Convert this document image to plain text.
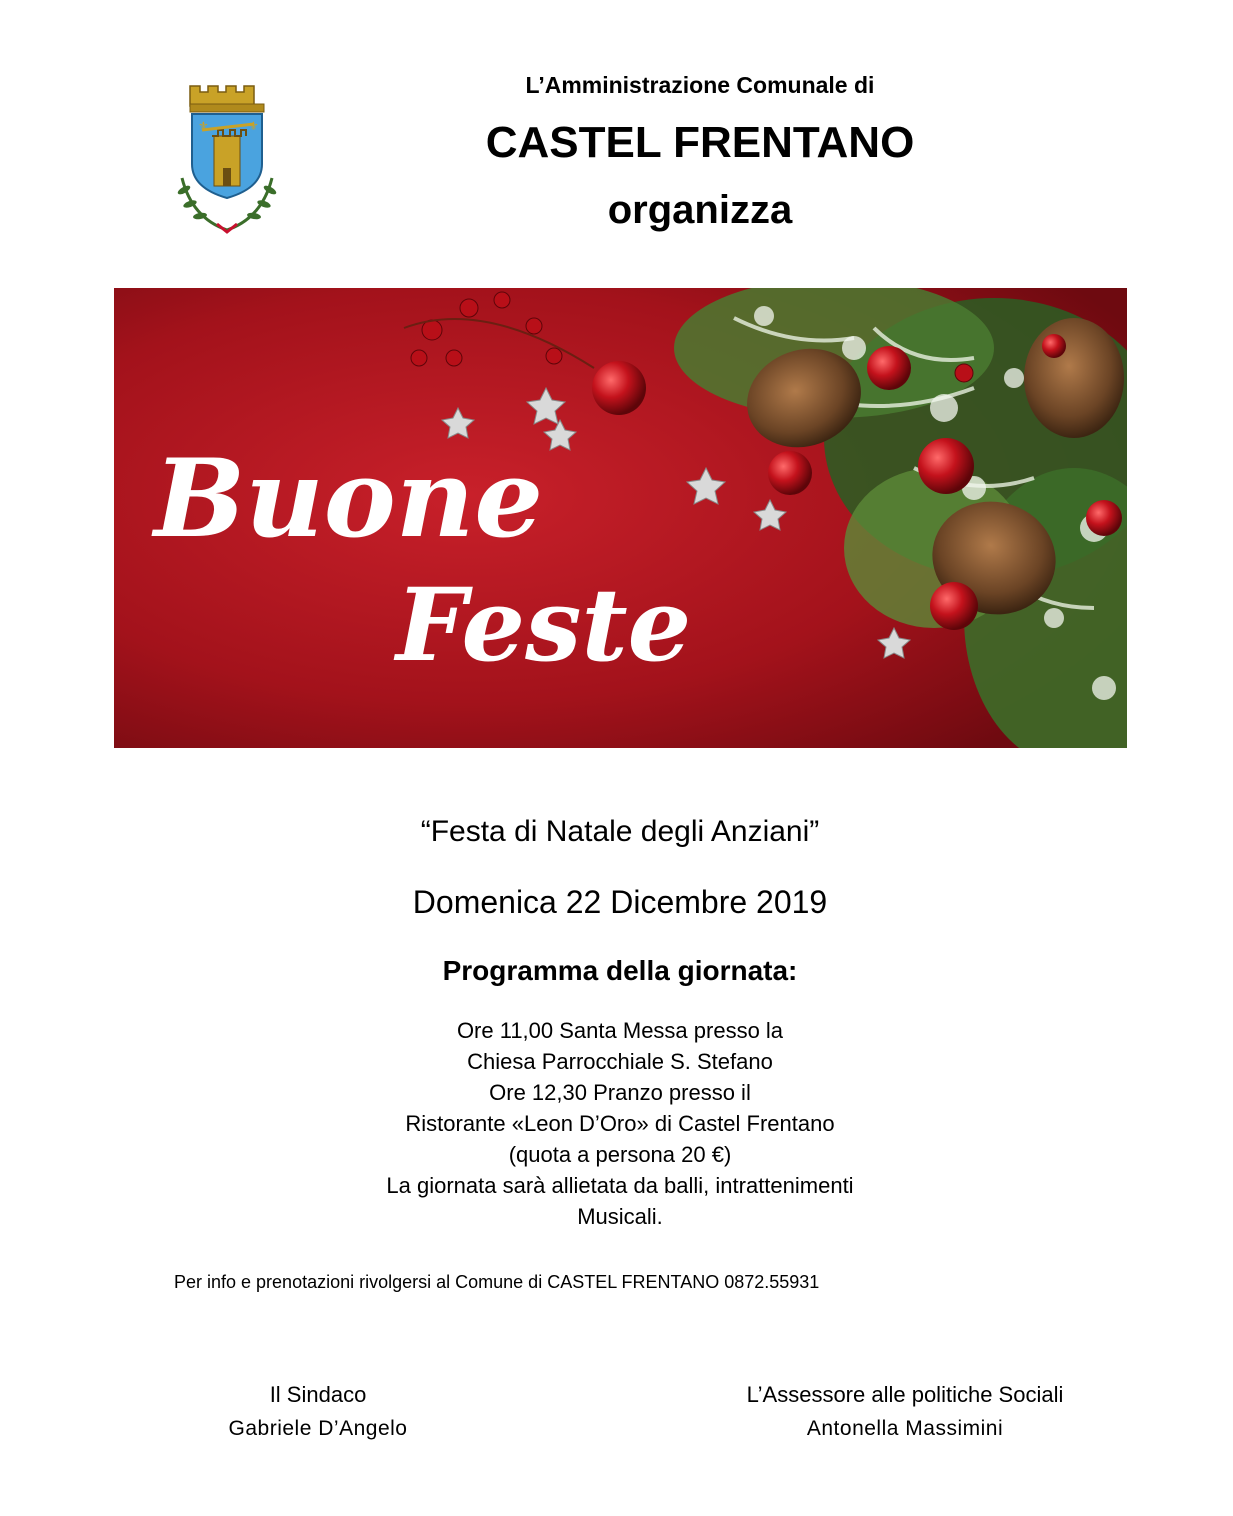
⚜	⚜
L’Amministrazione Comunale di
CASTEL FRENTANO
organizza
Buone
Feste
“Festa di Natale degli Anziani”
Domenica 22 Dicembre 2019
Programma della giornata:
Ore 11,00 Santa Messa presso la
Chiesa Parrocchiale S. Stefano
Ore 12,30 Pranzo presso il
Ristorante «Leon D’Oro» di Castel Frentano
(quota a persona 20 €)
La giornata sarà allietata da balli, intrattenimenti
Musicali.
Per info e prenotazioni rivolgersi al Comune di CASTEL FRENTANO 0872.55931
Il Sindaco
Gabriele D’Angelo
L’Assessore alle politiche Sociali
Antonella Massimini
